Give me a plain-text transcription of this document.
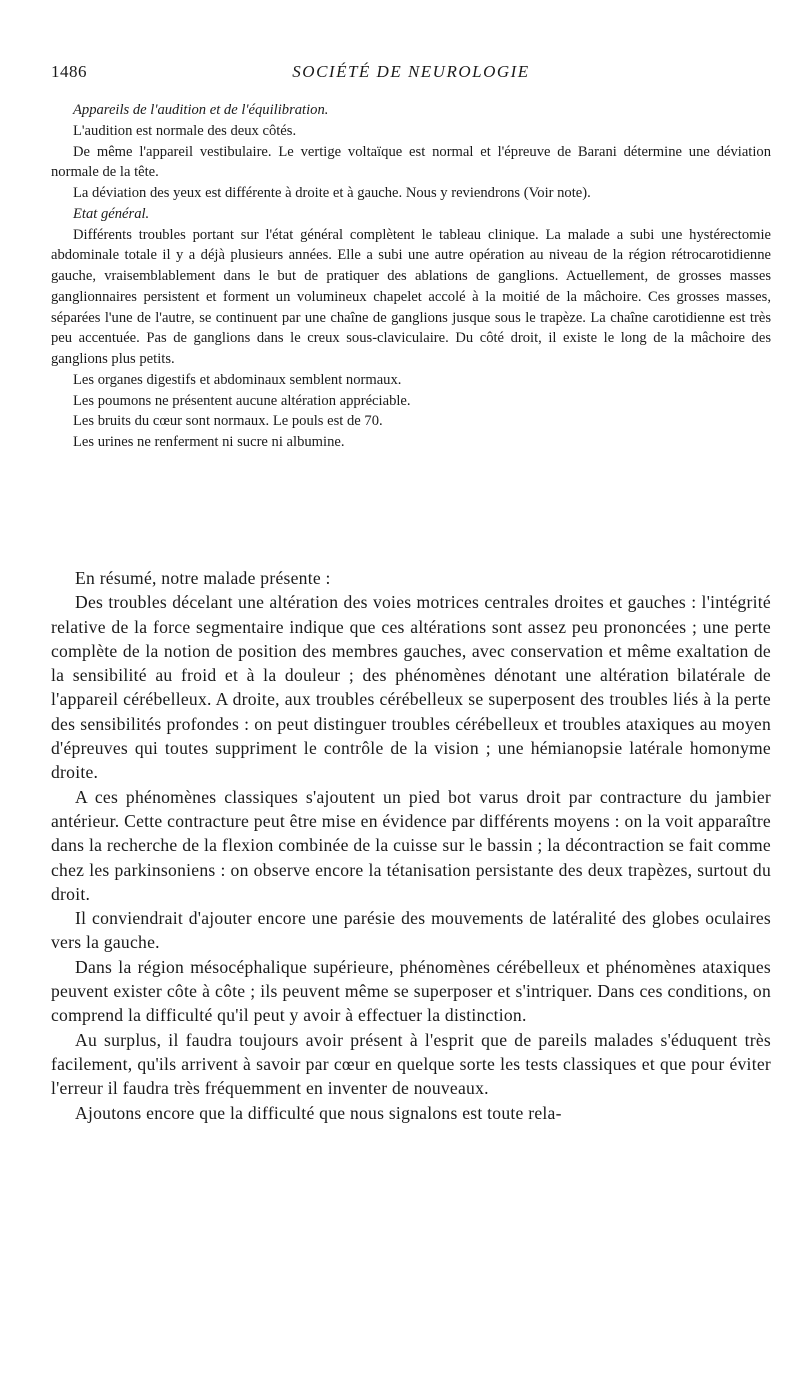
1486	SOCIÉTÉ DE NEUROLOGIE

Appareils de l'audition et de l'équilibration.

L'audition est normale des deux côtés.

De même l'appareil vestibulaire. Le vertige voltaïque est normal et l'épreuve de Barani détermine une déviation normale de la tête.

La déviation des yeux est différente à droite et à gauche. Nous y reviendrons (Voir note).

Etat général.

Différents troubles portant sur l'état général complètent le tableau clinique. La malade a subi une hystérectomie abdominale totale il y a déjà plusieurs années. Elle a subi une autre opération au niveau de la région rétrocarotidienne gauche, vraisemblablement dans le but de pratiquer des ablations de ganglions. Actuellement, de grosses masses ganglionnaires persistent et forment un volumineux chapelet accolé à la moitié de la mâchoire. Ces grosses masses, séparées l'une de l'autre, se continuent par une chaîne de ganglions jusque sous le trapèze. La chaîne carotidienne est très peu accentuée. Pas de ganglions dans le creux sous-claviculaire. Du côté droit, il existe le long de la mâchoire des ganglions plus petits.

Les organes digestifs et abdominaux semblent normaux.

Les poumons ne présentent aucune altération appréciable.

Les bruits du cœur sont normaux. Le pouls est de 70.

Les urines ne renferment ni sucre ni albumine.

En résumé, notre malade présente :

Des troubles décelant une altération des voies motrices centrales droites et gauches : l'intégrité relative de la force segmentaire indique que ces altérations sont assez peu prononcées ; une perte complète de la notion de position des membres gauches, avec conservation et même exaltation de la sensibilité au froid et à la douleur ; des phénomènes dénotant une altération bilatérale de l'appareil cérébelleux. A droite, aux troubles cérébelleux se superposent des troubles liés à la perte des sensibilités profondes : on peut distinguer troubles cérébelleux et troubles ataxiques au moyen d'épreuves qui toutes suppriment le contrôle de la vision ; une hémianopsie latérale homonyme droite.

A ces phénomènes classiques s'ajoutent un pied bot varus droit par contracture du jambier antérieur. Cette contracture peut être mise en évidence par différents moyens : on la voit apparaître dans la recherche de la flexion combinée de la cuisse sur le bassin ; la décontraction se fait comme chez les parkinsoniens : on observe encore la tétanisation persistante des deux trapèzes, surtout du droit.

Il conviendrait d'ajouter encore une parésie des mouvements de latéralité des globes oculaires vers la gauche.

Dans la région mésocéphalique supérieure, phénomènes cérébelleux et phénomènes ataxiques peuvent exister côte à côte ; ils peuvent même se superposer et s'intriquer. Dans ces conditions, on comprend la difficulté qu'il peut y avoir à effectuer la distinction.

Au surplus, il faudra toujours avoir présent à l'esprit que de pareils malades s'éduquent très facilement, qu'ils arrivent à savoir par cœur en quelque sorte les tests classiques et que pour éviter l'erreur il faudra très fréquemment en inventer de nouveaux.

Ajoutons encore que la difficulté que nous signalons est toute rela-
